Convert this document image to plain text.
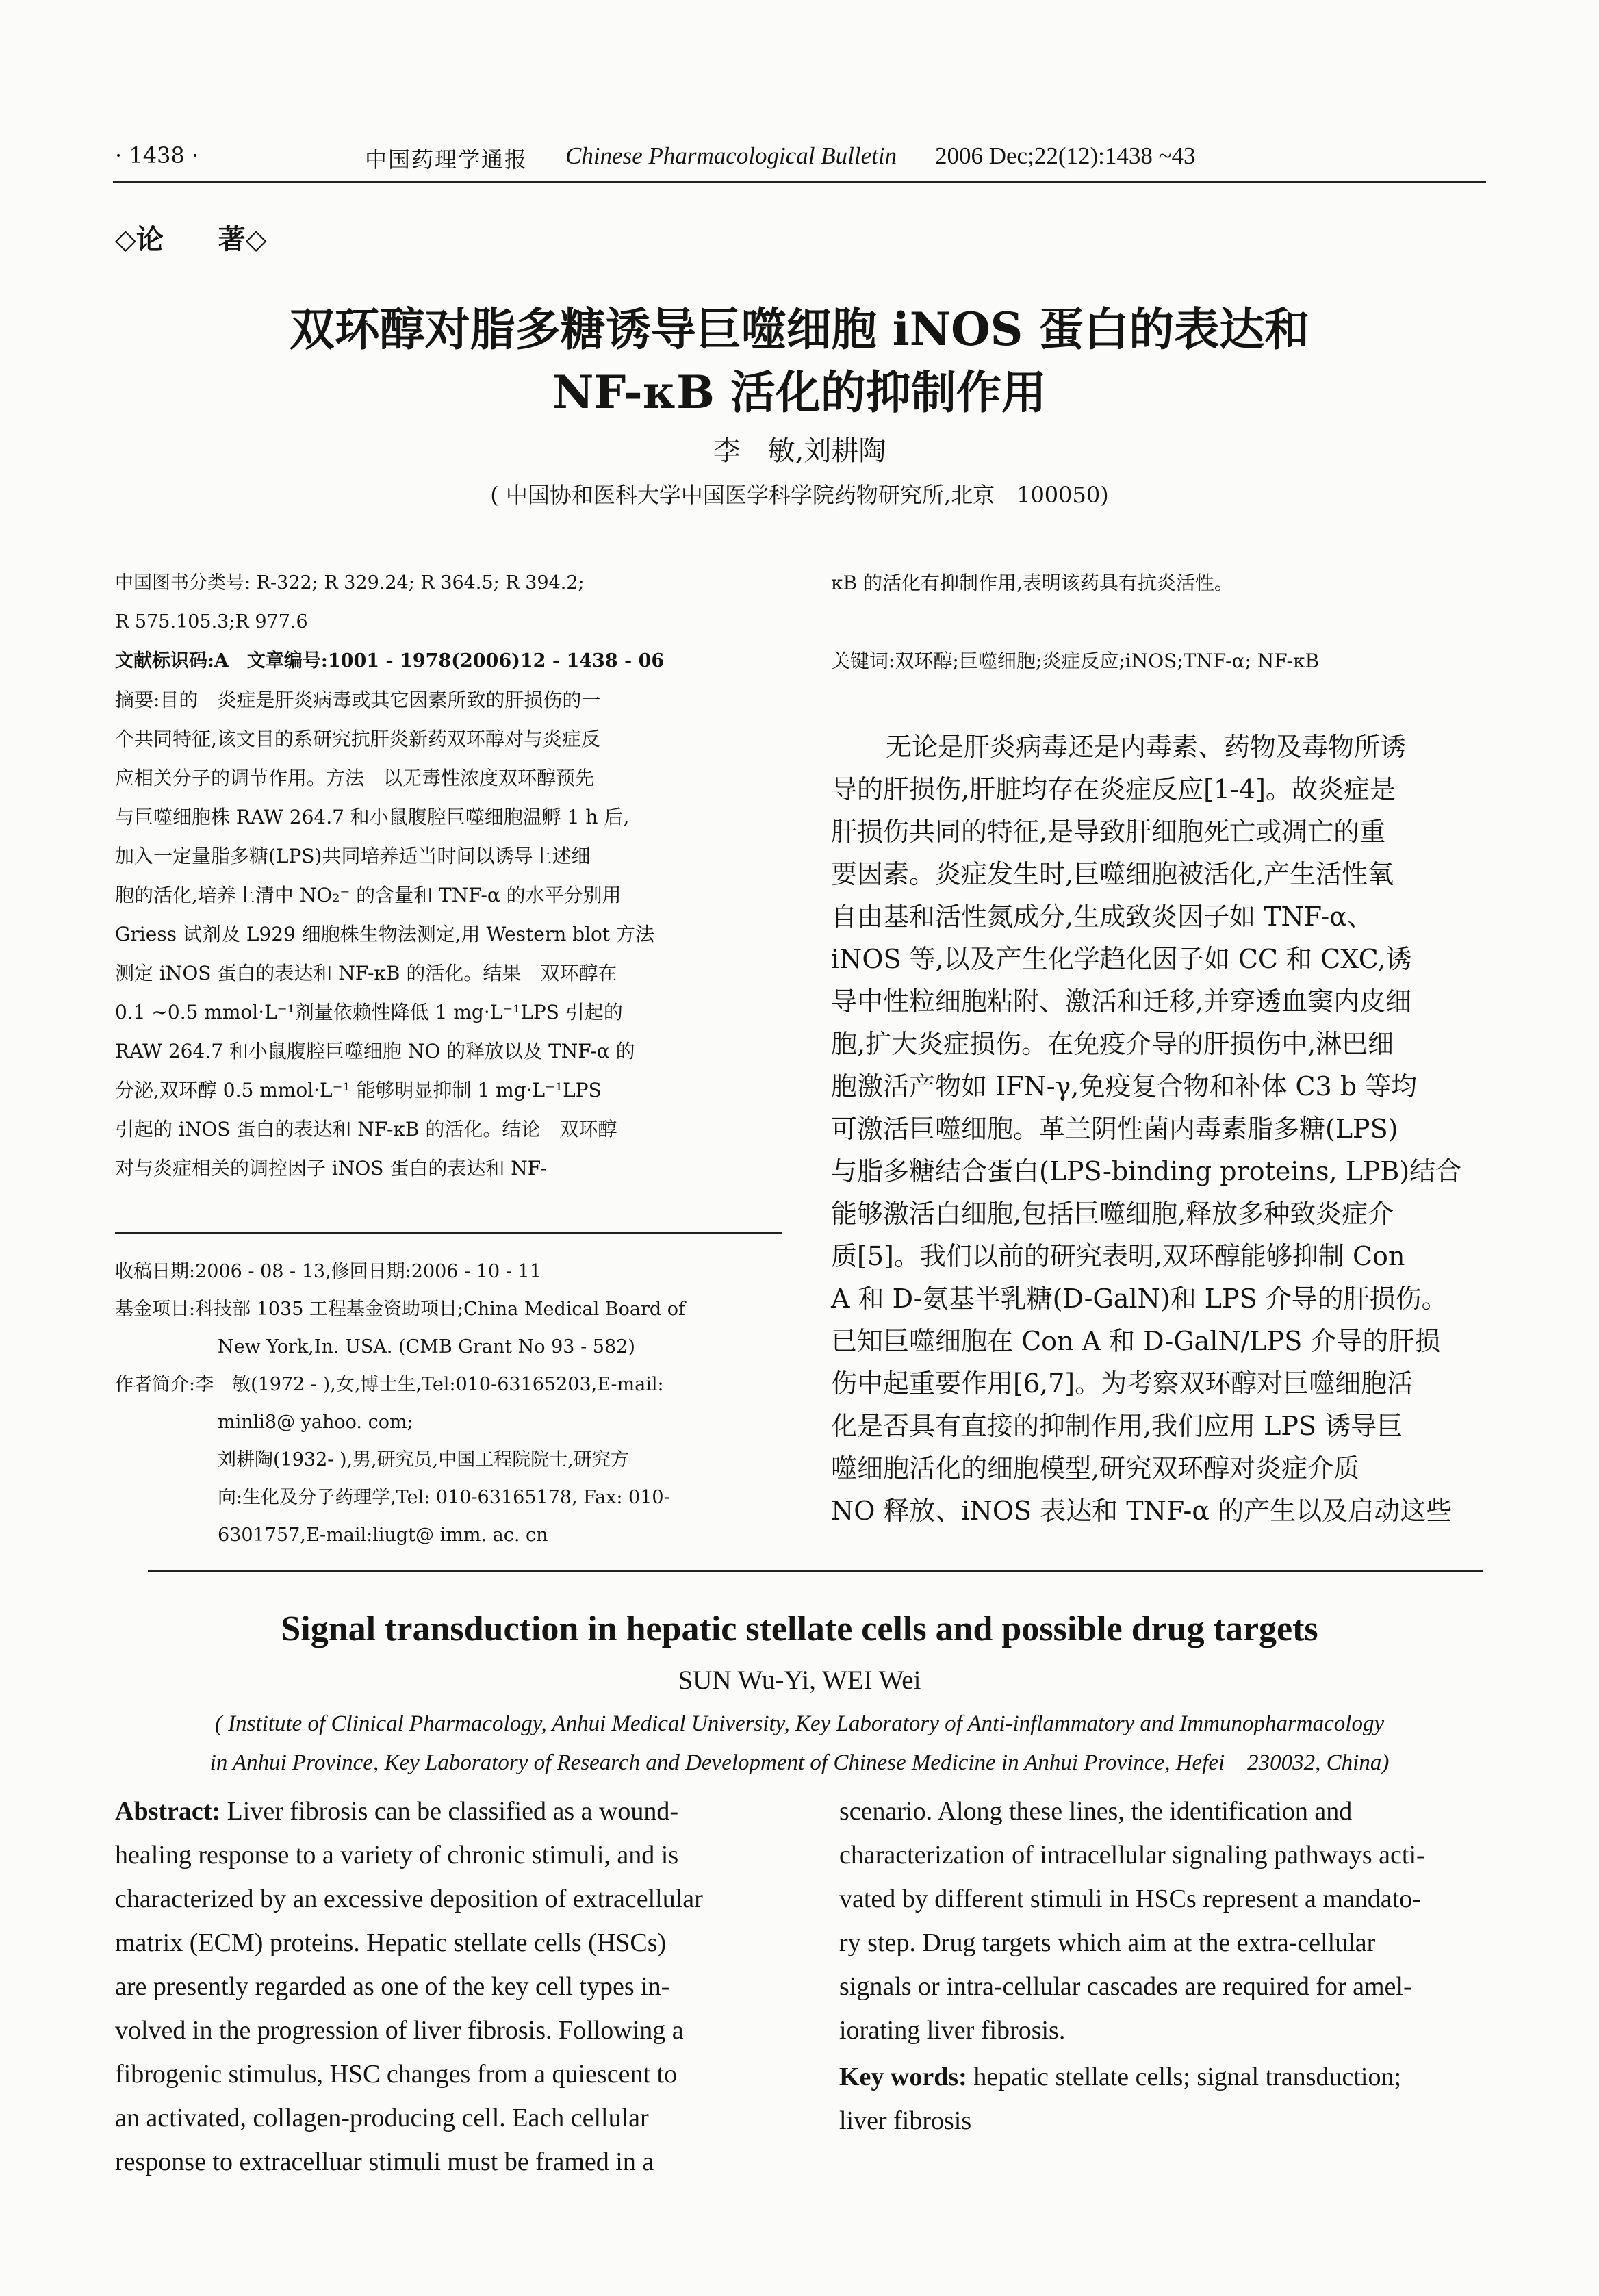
· 1438 ·	中国药理学通报 Chinese Pharmacological Bulletin 2006 Dec;22(12):1438 ~43
◇论　　著◇
双环醇对脂多糖诱导巨噬细胞 iNOS 蛋白的表达和
NF-κB 活化的抑制作用
李　敏,刘耕陶
( 中国协和医科大学中国医学科学院药物研究所,北京　100050)
中国图书分类号: R-322; R 329.24; R 364.5; R 394.2;
R 575.105.3;R 977.6
文献标识码:A　文章编号:1001 - 1978(2006)12 - 1438 - 06
摘要:目的　炎症是肝炎病毒或其它因素所致的肝损伤的一
个共同特征,该文目的系研究抗肝炎新药双环醇对与炎症反
应相关分子的调节作用。方法　以无毒性浓度双环醇预先
与巨噬细胞株 RAW 264.7 和小鼠腹腔巨噬细胞温孵 1 h 后,
加入一定量脂多糖(LPS)共同培养适当时间以诱导上述细
胞的活化,培养上清中 NO₂⁻ 的含量和 TNF-α 的水平分别用
Griess 试剂及 L929 细胞株生物法测定,用 Western blot 方法
测定 iNOS 蛋白的表达和 NF-κB 的活化。结果　双环醇在
0.1 ~0.5 mmol·L⁻¹剂量依赖性降低 1 mg·L⁻¹LPS 引起的
RAW 264.7 和小鼠腹腔巨噬细胞 NO 的释放以及 TNF-α 的
分泌,双环醇 0.5 mmol·L⁻¹ 能够明显抑制 1 mg·L⁻¹LPS
引起的 iNOS 蛋白的表达和 NF-κB 的活化。结论　双环醇
对与炎症相关的调控因子 iNOS 蛋白的表达和 NF-
收稿日期:2006 - 08 - 13,修回日期:2006 - 10 - 11
基金项目:科技部 1035 工程基金资助项目;China Medical Board of
New York,In. USA. (CMB Grant No 93 - 582)
作者简介:李　敏(1972 - ),女,博士生,Tel:010-63165203,E-mail:
minli8@ yahoo. com;
刘耕陶(1932- ),男,研究员,中国工程院院士,研究方
向:生化及分子药理学,Tel: 010-63165178, Fax: 010-
6301757,E-mail:liugt@ imm. ac. cn
κB 的活化有抑制作用,表明该药具有抗炎活性。
关键词:双环醇;巨噬细胞;炎症反应;iNOS;TNF-α; NF-κB
无论是肝炎病毒还是内毒素、药物及毒物所诱
导的肝损伤,肝脏均存在炎症反应[1-4]。故炎症是
肝损伤共同的特征,是导致肝细胞死亡或凋亡的重
要因素。炎症发生时,巨噬细胞被活化,产生活性氧
自由基和活性氮成分,生成致炎因子如 TNF-α、
iNOS 等,以及产生化学趋化因子如 CC 和 CXC,诱
导中性粒细胞粘附、激活和迁移,并穿透血窦内皮细
胞,扩大炎症损伤。在免疫介导的肝损伤中,淋巴细
胞激活产物如 IFN-γ,免疫复合物和补体 C3 b 等均
可激活巨噬细胞。革兰阴性菌内毒素脂多糖(LPS)
与脂多糖结合蛋白(LPS-binding proteins, LPB)结合
能够激活白细胞,包括巨噬细胞,释放多种致炎症介
质[5]。我们以前的研究表明,双环醇能够抑制 Con
A 和 D-氨基半乳糖(D-GalN)和 LPS 介导的肝损伤。
已知巨噬细胞在 Con A 和 D-GalN/LPS 介导的肝损
伤中起重要作用[6,7]。为考察双环醇对巨噬细胞活
化是否具有直接的抑制作用,我们应用 LPS 诱导巨
噬细胞活化的细胞模型,研究双环醇对炎症介质
NO 释放、iNOS 表达和 TNF-α 的产生以及启动这些
Signal transduction in hepatic stellate cells and possible drug targets
SUN Wu-Yi, WEI Wei
( Institute of Clinical Pharmacology, Anhui Medical University, Key Laboratory of Anti-inflammatory and Immunopharmacology
in Anhui Province, Key Laboratory of Research and Development of Chinese Medicine in Anhui Province, Hefei　230032, China)
Abstract: Liver fibrosis can be classified as a wound-
healing response to a variety of chronic stimuli, and is
characterized by an excessive deposition of extracellular
matrix (ECM) proteins. Hepatic stellate cells (HSCs)
are presently regarded as one of the key cell types in-
volved in the progression of liver fibrosis. Following a
fibrogenic stimulus, HSC changes from a quiescent to
an activated, collagen-producing cell. Each cellular
response to extracelluar stimuli must be framed in a
scenario. Along these lines, the identification and
characterization of intracellular signaling pathways acti-
vated by different stimuli in HSCs represent a mandato-
ry step. Drug targets which aim at the extra-cellular
signals or intra-cellular cascades are required for amel-
iorating liver fibrosis.
Key words: hepatic stellate cells; signal transduction;
liver fibrosis
